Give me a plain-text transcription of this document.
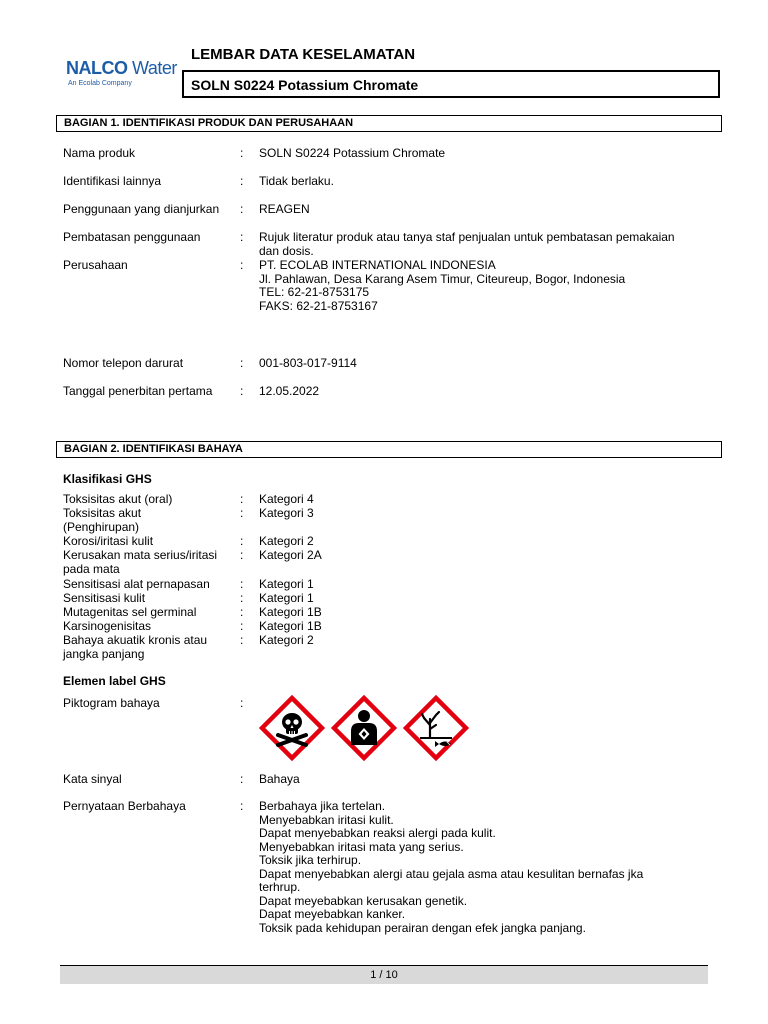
NALCO Water
An Ecolab Company
LEMBAR DATA KESELAMATAN
SOLN S0224 Potassium Chromate
BAGIAN 1. IDENTIFIKASI PRODUK DAN PERUSAHAAN
Nama produk	: SOLN S0224 Potassium Chromate
Identifikasi lainnya	: Tidak berlaku.
Penggunaan yang dianjurkan	: REAGEN
Pembatasan penggunaan	: Rujuk literatur produk atau tanya staf penjualan untuk pembatasan pemakaian
dan dosis.
Perusahaan	: PT. ECOLAB INTERNATIONAL INDONESIA
Jl. Pahlawan, Desa Karang Asem Timur, Citeureup, Bogor, Indonesia
TEL: 62-21-8753175
FAKS: 62-21-8753167
Nomor telepon darurat	: 001-803-017-9114
Tanggal penerbitan pertama	: 12.05.2022
BAGIAN 2. IDENTIFIKASI BAHAYA
Klasifikasi GHS
Toksisitas akut (oral)	: Kategori 4
Toksisitas akut
(Penghirupan)
: Kategori 3
Korosi/iritasi kulit	: Kategori 2
Kerusakan mata serius/iritasi
pada mata
: Kategori 2A
Sensitisasi alat pernapasan	: Kategori 1
Sensitisasi kulit	: Kategori 1
Mutagenitas sel germinal	: Kategori 1B
Karsinogenisitas	: Kategori 1B
Bahaya akuatik kronis atau
jangka panjang
: Kategori 2
Elemen label GHS
Piktogram bahaya	:
Kata sinyal	: Bahaya
Pernyataan Berbahaya	: Berbahaya jika tertelan.
Menyebabkan iritasi kulit.
Dapat menyebabkan reaksi alergi pada kulit.
Menyebabkan iritasi mata yang serius.
Toksik jika terhirup.
Dapat menyebabkan alergi atau gejala asma atau kesulitan bernafas jka
terhrup.
Dapat meyebabkan kerusakan genetik.
Dapat meyebabkan kanker.
Toksik pada kehidupan perairan dengan efek jangka panjang.
1 / 10
